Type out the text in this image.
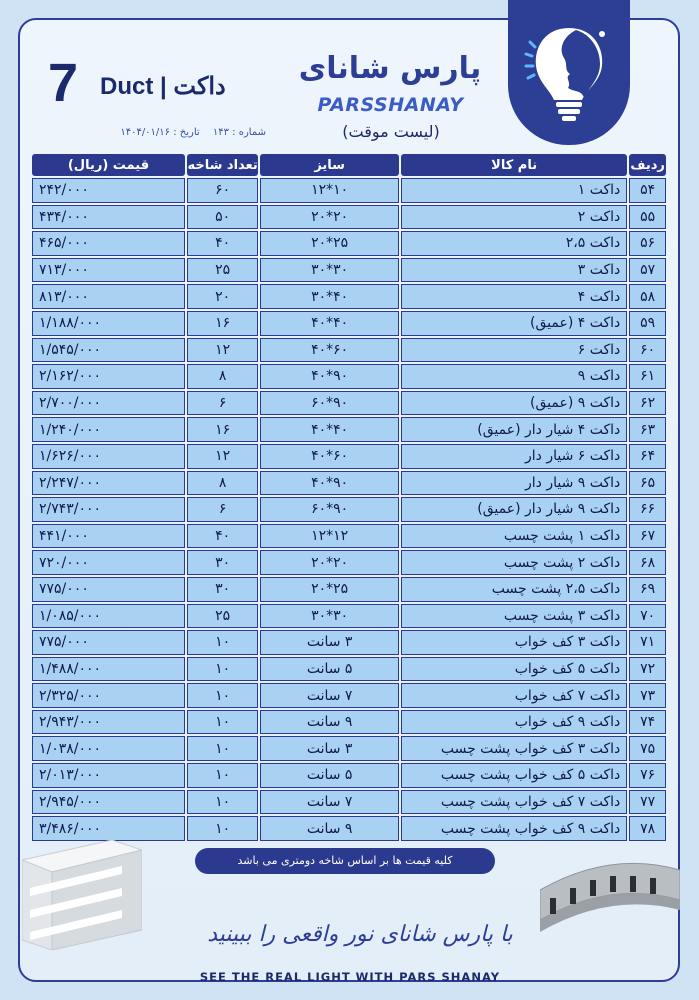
پارس شانای
PARSSHANAY
(لیست موقت)
7 Duct | داکت
شماره : ۱۴۳ تاریخ : ۱۴۰۴/۰۱/۱۶
ردیف	نام کالا	سایز	تعداد شاخه	قیمت (ریال)
۵۴	داکت ۱	۱۰*۱۲	۶۰	۲۴۲/۰۰۰
۵۵	داکت ۲	۲۰*۲۰	۵۰	۴۳۴/۰۰۰
۵۶	داکت ۲،۵	۲۵*۲۰	۴۰	۴۶۵/۰۰۰
۵۷	داکت ۳	۳۰*۳۰	۲۵	۷۱۳/۰۰۰
۵۸	داکت ۴	۴۰*۳۰	۲۰	۸۱۳/۰۰۰
۵۹	داکت ۴ (عمیق)	۴۰*۴۰	۱۶	۱/۱۸۸/۰۰۰
۶۰	داکت ۶	۶۰*۴۰	۱۲	۱/۵۴۵/۰۰۰
۶۱	داکت ۹	۹۰*۴۰	۸	۲/۱۶۲/۰۰۰
۶۲	داکت ۹ (عمیق)	۹۰*۶۰	۶	۲/۷۰۰/۰۰۰
۶۳	داکت ۴ شیار دار (عمیق)	۴۰*۴۰	۱۶	۱/۲۴۰/۰۰۰
۶۴	داکت ۶ شیار دار	۶۰*۴۰	۱۲	۱/۶۲۶/۰۰۰
۶۵	داکت ۹ شیار دار	۹۰*۴۰	۸	۲/۲۴۷/۰۰۰
۶۶	داکت ۹ شیار دار (عمیق)	۹۰*۶۰	۶	۲/۷۴۳/۰۰۰
۶۷	داکت ۱ پشت چسب	۱۲*۱۲	۴۰	۴۴۱/۰۰۰
۶۸	داکت ۲ پشت چسب	۲۰*۲۰	۳۰	۷۲۰/۰۰۰
۶۹	داکت ۲،۵ پشت چسب	۲۵*۲۰	۳۰	۷۷۵/۰۰۰
۷۰	داکت ۳ پشت چسب	۳۰*۳۰	۲۵	۱/۰۸۵/۰۰۰
۷۱	داکت ۳ کف خواب	۳ سانت	۱۰	۷۷۵/۰۰۰
۷۲	داکت ۵ کف خواب	۵ سانت	۱۰	۱/۴۸۸/۰۰۰
۷۳	داکت ۷ کف خواب	۷ سانت	۱۰	۲/۳۲۵/۰۰۰
۷۴	داکت ۹ کف خواب	۹ سانت	۱۰	۲/۹۴۳/۰۰۰
۷۵	داکت ۳ کف خواب پشت چسب	۳ سانت	۱۰	۱/۰۳۸/۰۰۰
۷۶	داکت ۵ کف خواب پشت چسب	۵ سانت	۱۰	۲/۰۱۳/۰۰۰
۷۷	داکت ۷ کف خواب پشت چسب	۷ سانت	۱۰	۲/۹۴۵/۰۰۰
۷۸	داکت ۹ کف خواب پشت چسب	۹ سانت	۱۰	۳/۴۸۶/۰۰۰
کلیه قیمت ها بر اساس شاخه دومتری می باشد
با پارس شانای نور واقعی را ببینید
SEE THE REAL LIGHT WITH PARS SHANAY
